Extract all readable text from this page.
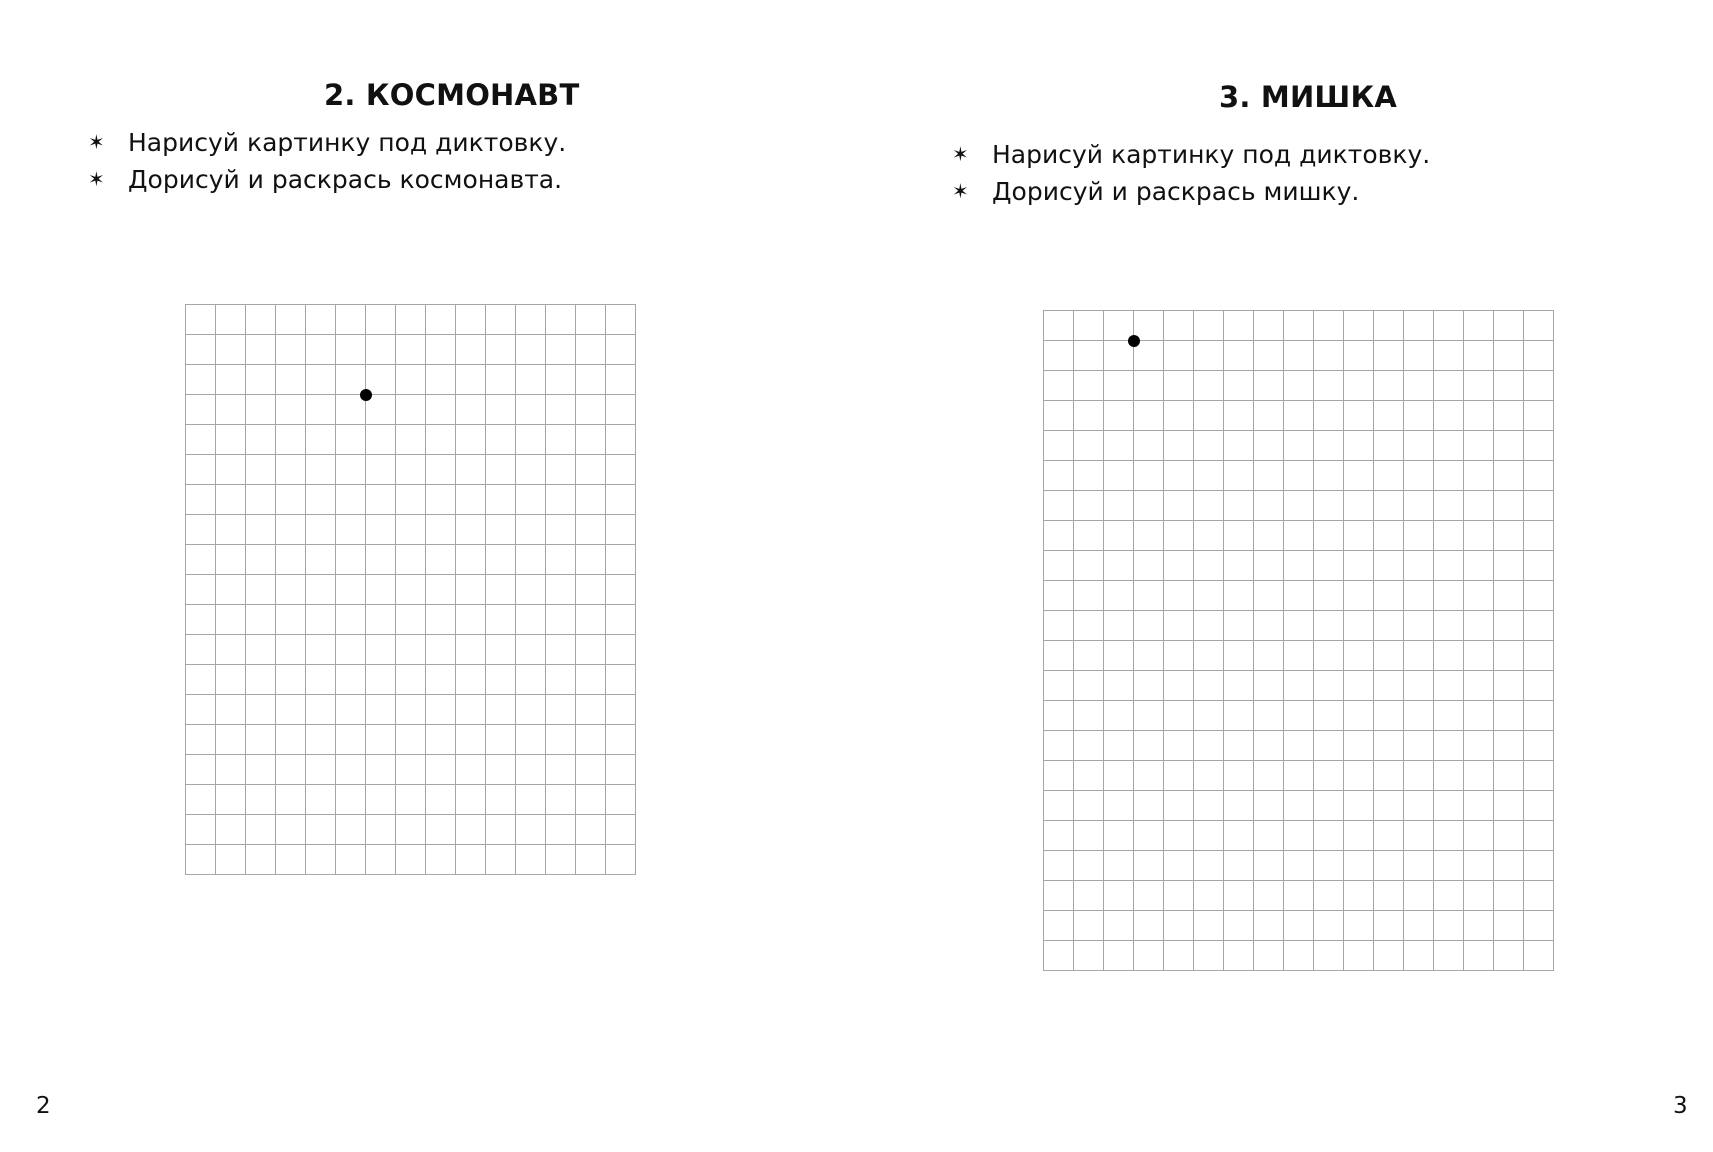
2. КОСМОНАВТ
✶ Нарисуй картинку под диктовку.
✶ Дорисуй и раскрась космонавта.
2
3. МИШКА
✶ Нарисуй картинку под диктовку.
✶ Дорисуй и раскрась мишку.
3
